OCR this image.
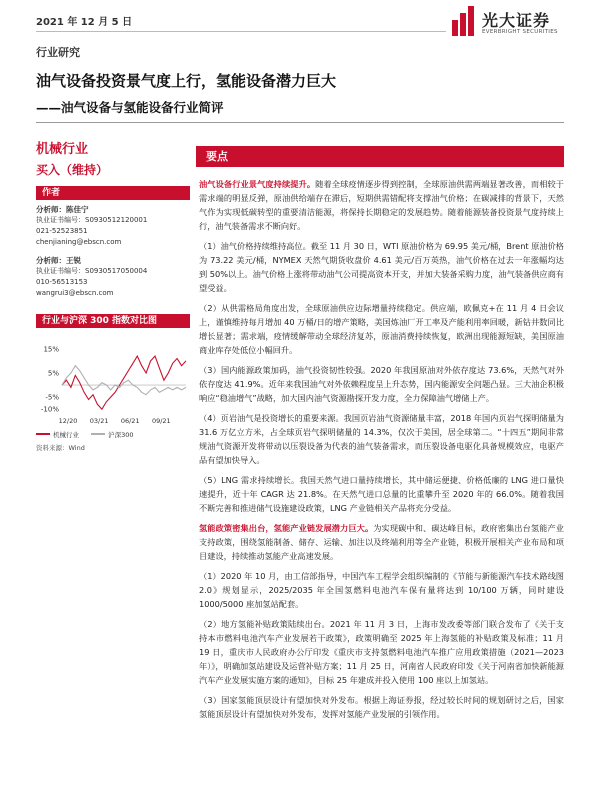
2021 年 12 月 5 日	光大证券
EVERBRIGHT SECURITIES
行业研究
油气设备投资景气度上行，氢能设备潜力巨大
——油气设备与氢能设备行业简评
机械行业
买入（维持）
作者
分析师：陈佳宁
执业证书编号：S0930512120001
021-52523851
chenjianing@ebscn.com
分析师：王锐
执业证书编号：S0930517050004
010-56513153
wangrui3@ebscn.com
行业与沪深 300 指数对比图
15%
5%
-5%
-10%
12/20 03/21 06/21 09/21
机械行业
	沪深300
资料来源：Wind
要点

油气设备行业景气度持续提升。随着全球疫情逐步得到控制，全球原油供需两端显著改善，而相较于需求端的明显反弹，原油供给端存在滞后，短期供需错配将支撑油气价格；在碳减排的背景下，天然气作为实现低碳转型的重要清洁能源，将保持长期稳定的发展趋势。随着能源装备投资景气度持续上行，油气装备需求不断向好。

（1）油气价格持续维持高位。截至 11 月 30 日，WTI 原油价格为 69.95 美元/桶，Brent 原油价格为 73.22 美元/桶，NYMEX 天然气期货收盘价 4.61 美元/百万英热，油气价格在过去一年涨幅均达到 50%以上。油气价格上涨将带动油气公司提高资本开支，并加大装备采购力度，油气装备供应商有望受益。

（2）从供需格局角度出发，全球原油供应边际增量持续稳定。供应端，欧佩克+在 11 月 4 日会议上，谨慎维持每月增加 40 万桶/日的增产策略，美国炼油厂开工率及产能利用率回暖，新钻井数同比增长显著；需求端，疫情缓解带动全球经济复苏，原油消费持续恢复，欧洲出现能源短缺，美国原油商业库存处低位小幅回升。

（3）国内能源政策加码，油气投资韧性较强。2020 年我国原油对外依存度达 73.6%，天然气对外依存度达 41.9%。近年来我国油气对外依赖程度呈上升态势，国内能源安全问题凸显。三大油企积极响应“稳油增气”战略，加大国内油气资源勘探开发力度，全力保障油气增储上产。

（4）页岩油气是投资增长的重要来源。我国页岩油气资源储量丰富，2018 年国内页岩气探明储量为 31.6 万亿立方米，占全球页岩气探明储量的 14.3%，仅次于美国，居全球第二。“十四五”期间非常规油气资源开发将带动以压裂设备为代表的油气装备需求，而压裂设备电驱化具备规模效应，电驱产品有望加快导入。

（5）LNG 需求持续增长。我国天然气进口量持续增长，其中储运便捷、价格低廉的 LNG 进口量快速提升，近十年 CAGR 达 21.8%。在天然气进口总量的比重攀升至 2020 年的 66.0%。随着我国不断完善和推进储气设施建设政策，LNG 产业链相关产品将充分受益。

氢能政策密集出台，氢能产业链发展潜力巨大。为实现碳中和、碳达峰目标，政府密集出台氢能产业支持政策，围绕氢能制备、储存、运输、加注以及终端利用等全产业链，积极开展相关产业布局和项目建设，持续推动氢能产业高速发展。

（1）2020 年 10 月，由工信部指导，中国汽车工程学会组织编制的《节能与新能源汽车技术路线图 2.0》规划显示，2025/2035 年全国氢燃料电池汽车保有量将达到 10/100 万辆，同时建设 1000/5000 座加氢站配套。

（2）地方氢能补贴政策陆续出台。2021 年 11 月 3 日，上海市发改委等部门联合发布了《关于支持本市燃料电池汽车产业发展若干政策》，政策明确至 2025 年上海氢能的补贴政策及标准；11 月 19 日，重庆市人民政府办公厅印发《重庆市支持氢燃料电池汽车推广应用政策措施（2021—2023 年）》，明确加氢站建设及运营补贴方案；11 月 25 日，河南省人民政府印发《关于河南省加快新能源汽车产业发展实施方案的通知》，目标 25 年建成并投入使用 100 座以上加氢站。

（3）国家氢能顶层设计有望加快对外发布。根据上海证券报，经过较长时间的规划研讨之后，国家氢能顶层设计有望加快对外发布，发挥对氢能产业发展的引领作用。
